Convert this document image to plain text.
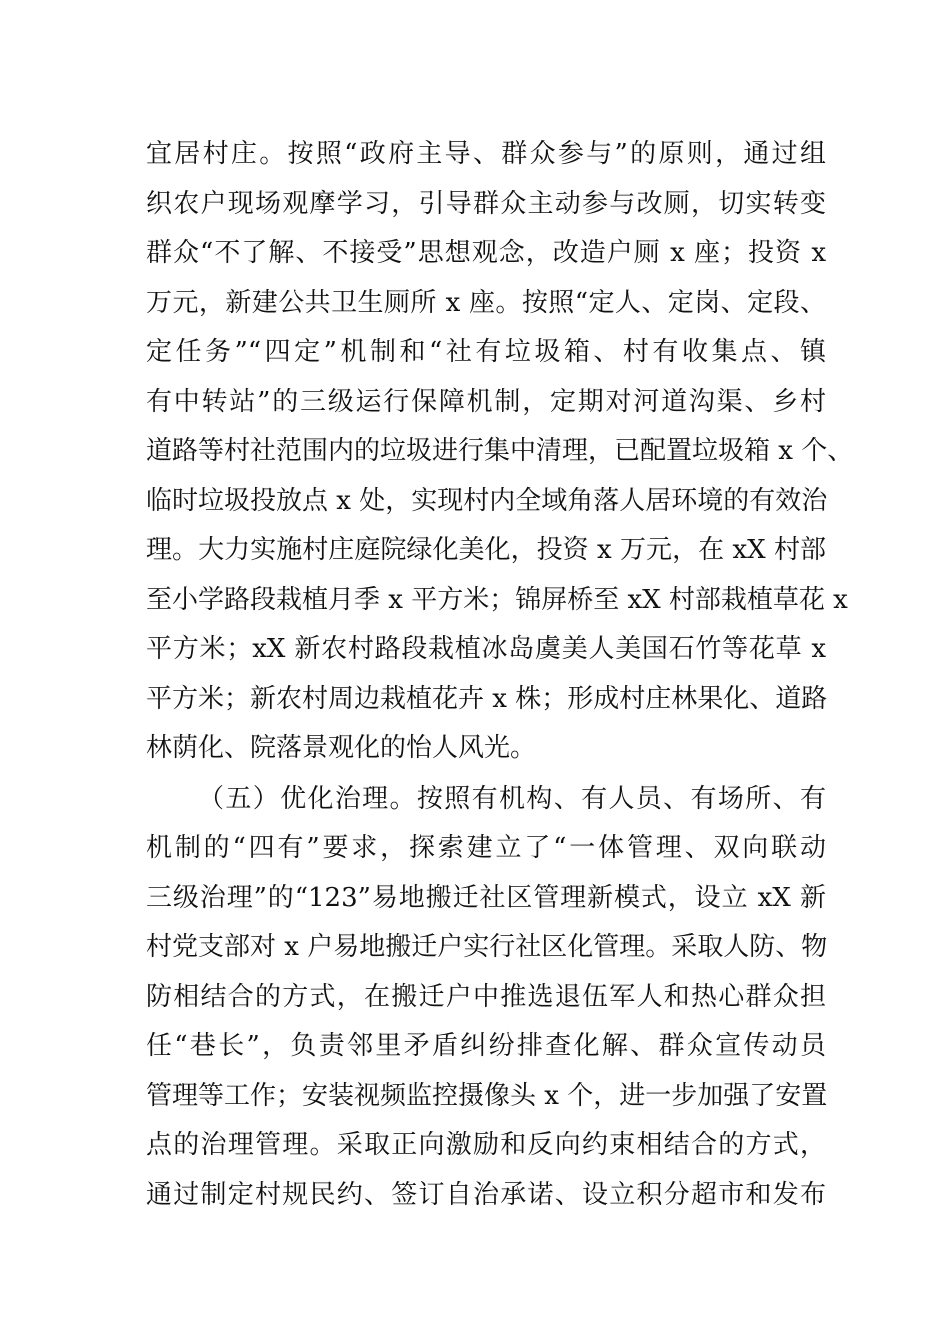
宜居村庄。按照“政府主导、群众参与”的原则，通过组
织农户现场观摩学习，引导群众主动参与改厕，切实转变
群众“不了解、不接受”思想观念，改造户厕 x 座；投资 x
万元，新建公共卫生厕所 x 座。按照“定人、定岗、定段、
定任务”“四定”机制和“社有垃圾箱、村有收集点、镇
有中转站”的三级运行保障机制，定期对河道沟渠、乡村
道路等村社范围内的垃圾进行集中清理，已配置垃圾箱 x 个、
临时垃圾投放点 x 处，实现村内全域角落人居环境的有效治
理。大力实施村庄庭院绿化美化，投资 x 万元，在 xX 村部
至小学路段栽植月季 x 平方米；锦屏桥至 xX 村部栽植草花 x
平方米；xX 新农村路段栽植冰岛虞美人美国石竹等花草 x
平方米；新农村周边栽植花卉 x 株；形成村庄林果化、道路
林荫化、院落景观化的怡人风光。
（五）优化治理。按照有机构、有人员、有场所、有
机制的“四有”要求，探索建立了“一体管理、双向联动
三级治理”的“123”易地搬迁社区管理新模式，设立 xX 新
村党支部对 x 户易地搬迁户实行社区化管理。采取人防、物
防相结合的方式，在搬迁户中推选退伍军人和热心群众担
任“巷长”，负责邻里矛盾纠纷排查化解、群众宣传动员
管理等工作；安装视频监控摄像头 x 个，进一步加强了安置
点的治理管理。采取正向激励和反向约束相结合的方式，
通过制定村规民约、签订自治承诺、设立积分超市和发布
